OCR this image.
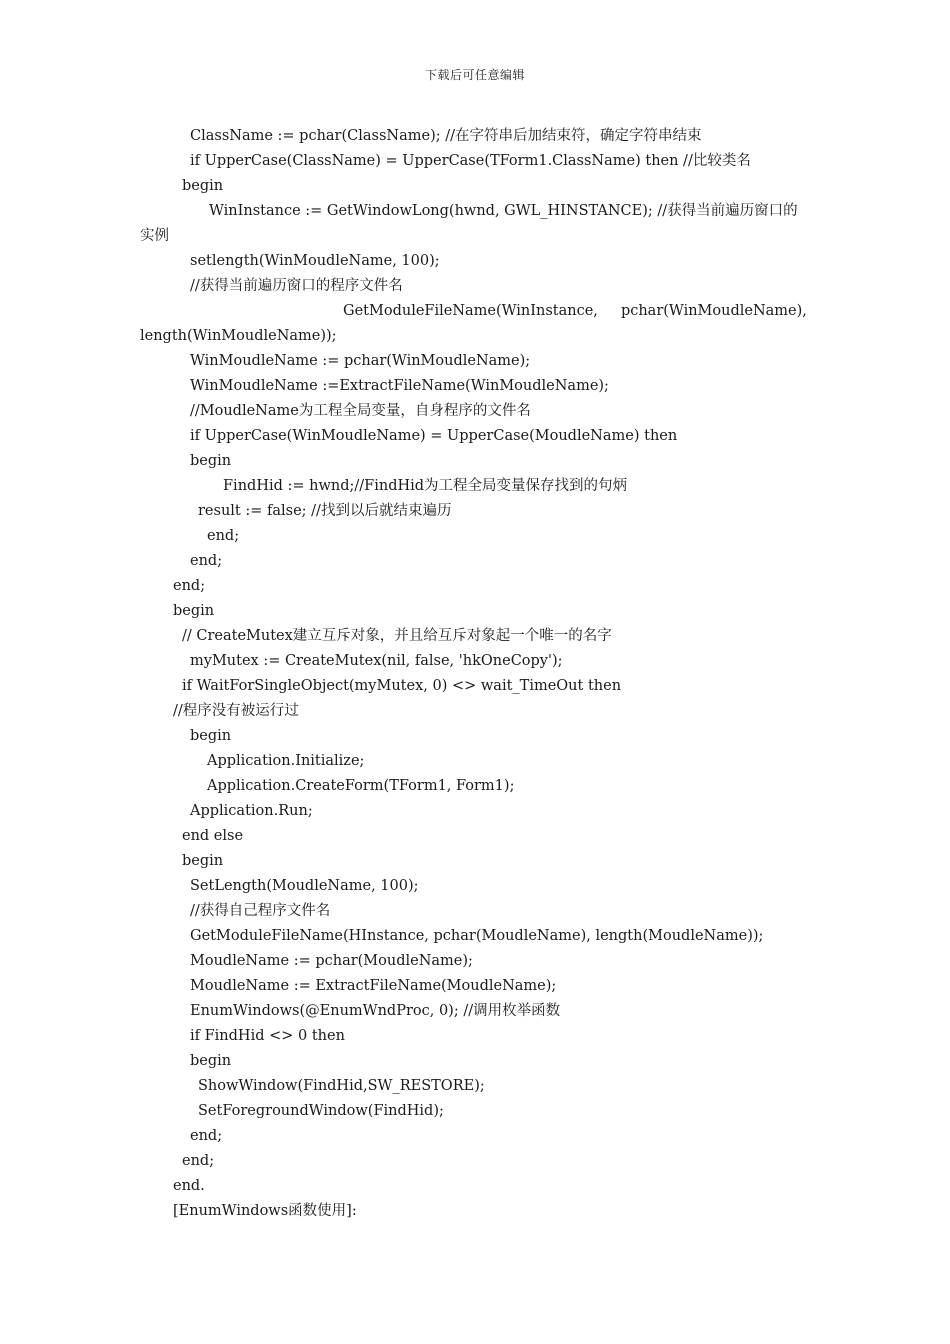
下载后可任意编辑
ClassName := pchar(ClassName); //在字符串后加结束符，确定字符串结束
if UpperCase(ClassName) = UpperCase(TForm1.ClassName) then //比较类名
begin
WinInstance := GetWindowLong(hwnd, GWL_HINSTANCE); //获得当前遍历窗口的
实例
setlength(WinMoudleName, 100);
//获得当前遍历窗口的程序文件名
GetModuleFileName(WinInstance,     pchar(WinMoudleName),
length(WinMoudleName));
WinMoudleName := pchar(WinMoudleName);
WinMoudleName :=ExtractFileName(WinMoudleName);
//MoudleName为工程全局变量，自身程序的文件名
if UpperCase(WinMoudleName) = UpperCase(MoudleName) then
begin
FindHid := hwnd;//FindHid为工程全局变量保存找到的句炳
result := false; //找到以后就结束遍历
end;
end;
end;
begin
// CreateMutex建立互斥对象，并且给互斥对象起一个唯一的名字
myMutex := CreateMutex(nil, false, 'hkOneCopy');
if WaitForSingleObject(myMutex, 0) <> wait_TimeOut then
//程序没有被运行过
begin
Application.Initialize;
Application.CreateForm(TForm1, Form1);
Application.Run;
end else
begin
SetLength(MoudleName, 100);
//获得自己程序文件名
GetModuleFileName(HInstance, pchar(MoudleName), length(MoudleName));
MoudleName := pchar(MoudleName);
MoudleName := ExtractFileName(MoudleName);
EnumWindows(@EnumWndProc, 0); //调用枚举函数
if FindHid <> 0 then
begin
ShowWindow(FindHid,SW_RESTORE);
SetForegroundWindow(FindHid);
end;
end;
end.
[EnumWindows函数使用]:
